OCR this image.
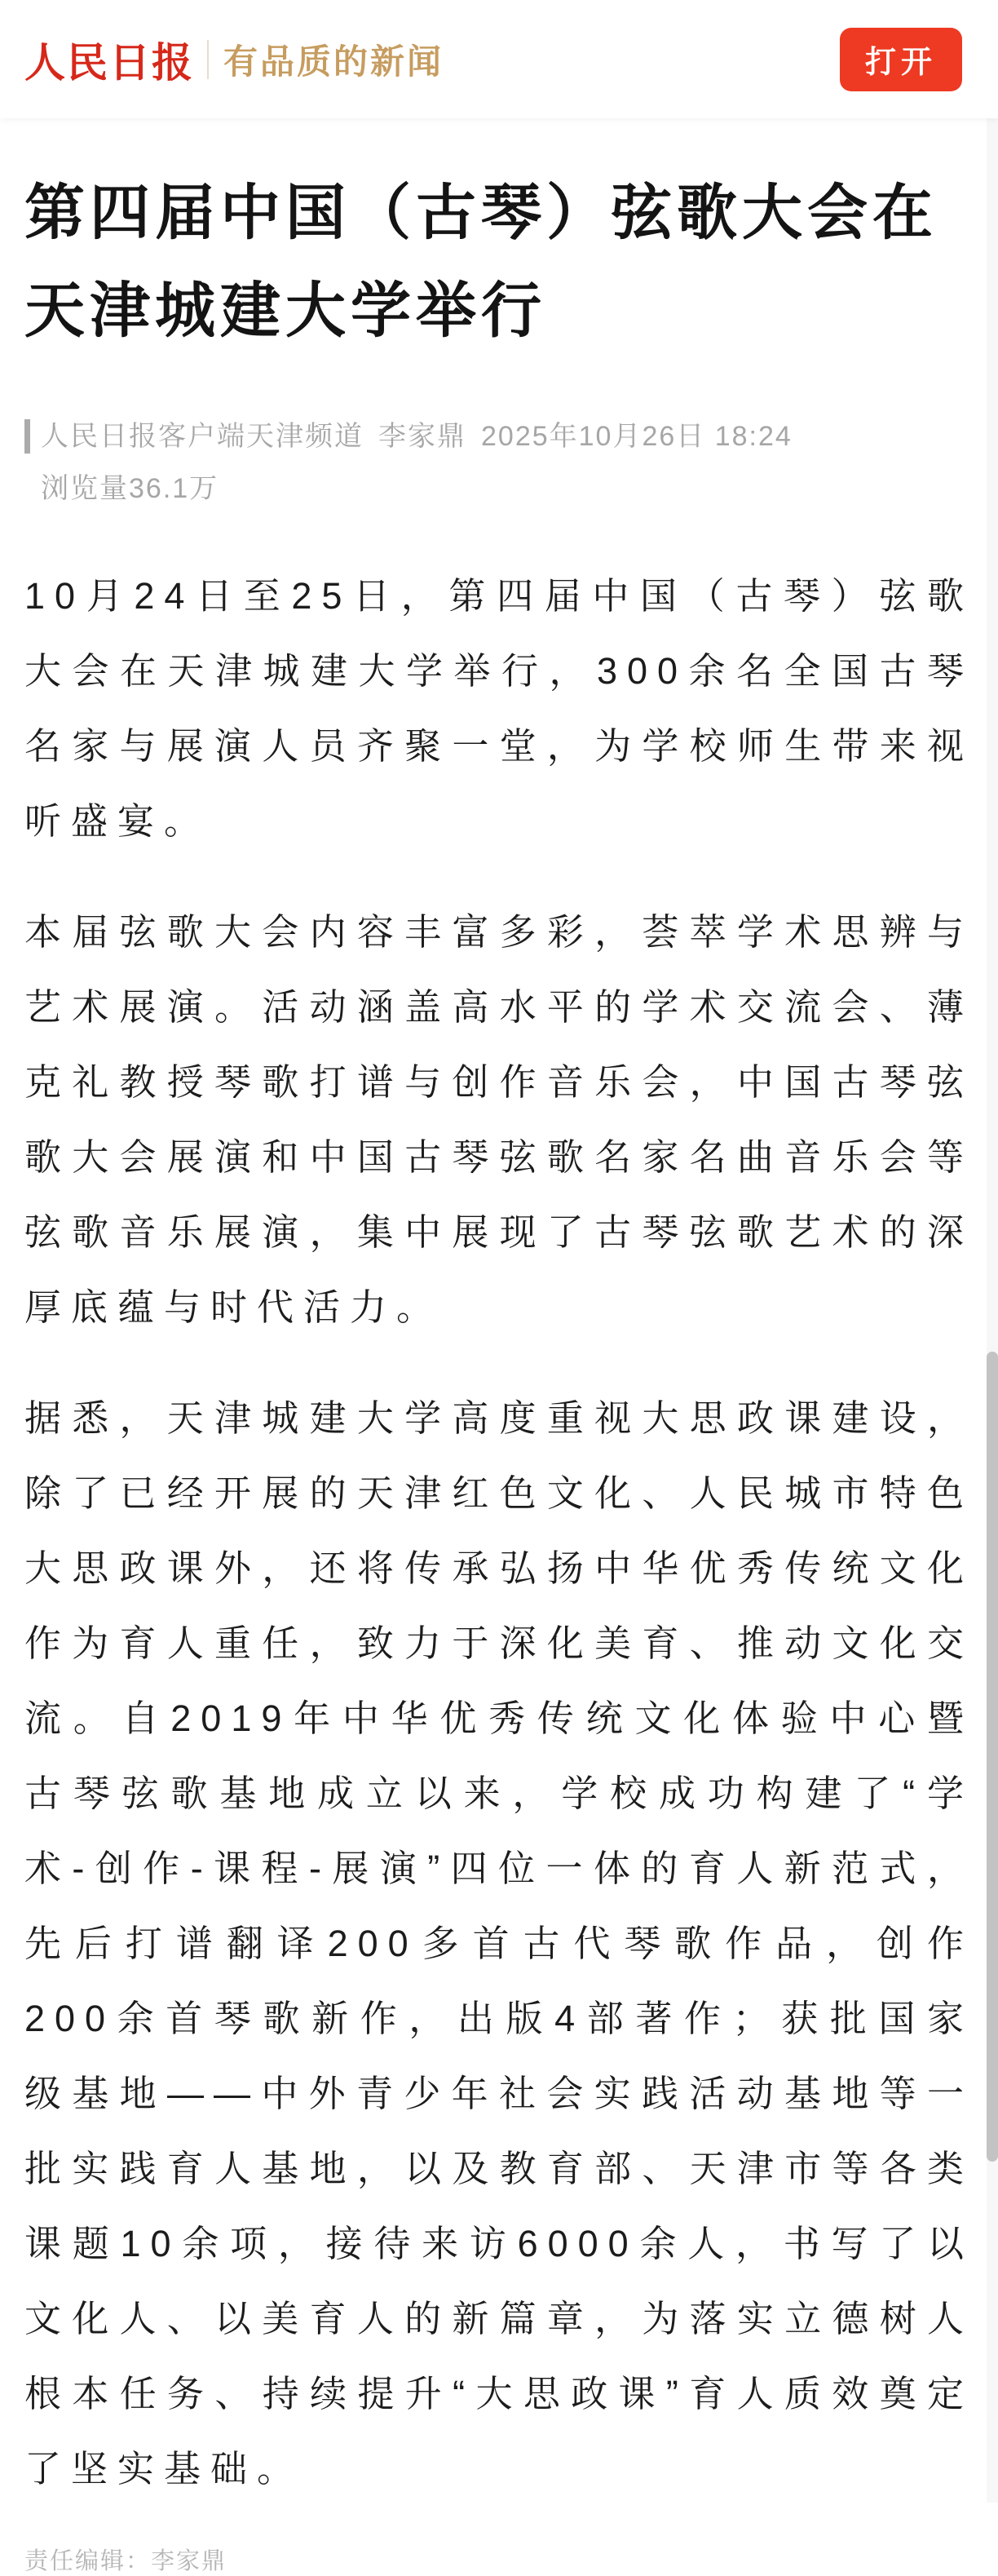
人民日报 有品质的新闻	打开
第四届中国（古琴）弦歌大会在天津城建大学举行
人民日报客户端天津频道 李家鼎 2025年10月26日 18:24
浏览量36.1万

10月24日至25日，第四届中国（古琴）弦歌大会在天津城建大学举行，300余名全国古琴名家与展演人员齐聚一堂，为学校师生带来视听盛宴。

本届弦歌大会内容丰富多彩，荟萃学术思辨与艺术展演。活动涵盖高水平的学术交流会、薄克礼教授琴歌打谱与创作音乐会，中国古琴弦歌大会展演和中国古琴弦歌名家名曲音乐会等弦歌音乐展演，集中展现了古琴弦歌艺术的深厚底蕴与时代活力。

据悉，天津城建大学高度重视大思政课建设，除了已经开展的天津红色文化、人民城市特色大思政课外，还将传承弘扬中华优秀传统文化作为育人重任，致力于深化美育、推动文化交流。自2019年中华优秀传统文化体验中心暨古琴弦歌基地成立以来，学校成功构建了“学术-创作-课程-展演”四位一体的育人新范式，先后打谱翻译200多首古代琴歌作品，创作200余首琴歌新作，出版4部著作；获批国家级基地——中外青少年社会实践活动基地等一批实践育人基地，以及教育部、天津市等各类课题10余项，接待来访6000余人，书写了以文化人、以美育人的新篇章，为落实立德树人根本任务、持续提升“大思政课”育人质效奠定了坚实基础。

责任编辑：李家鼎
